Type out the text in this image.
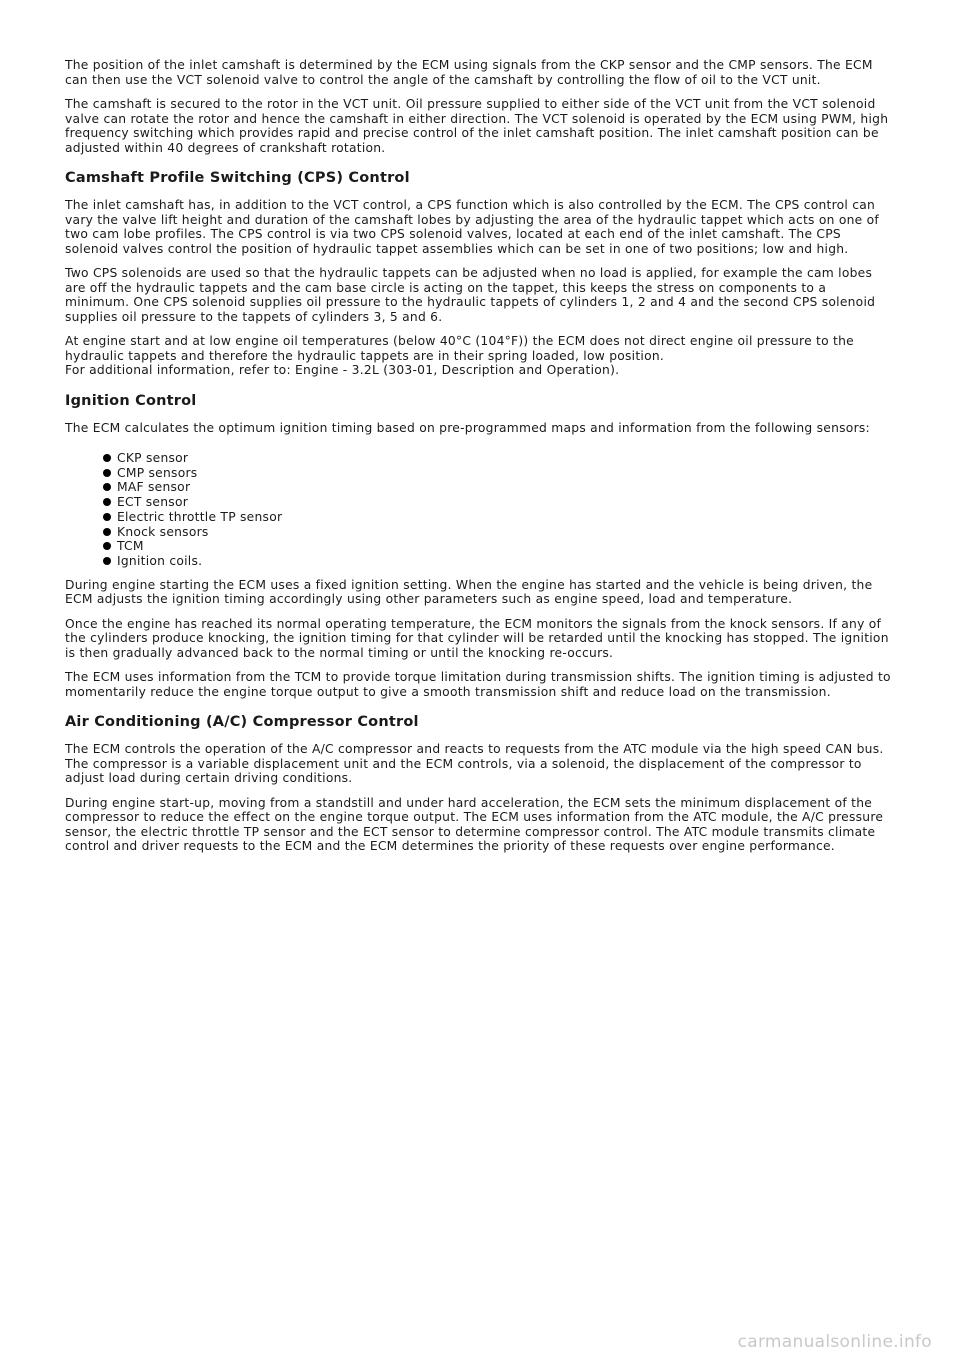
The position of the inlet camshaft is determined by the ECM using signals from the CKP sensor and the CMP sensors. The ECM can then use the VCT solenoid valve to control the angle of the camshaft by controlling the flow of oil to the VCT unit.

The camshaft is secured to the rotor in the VCT unit. Oil pressure supplied to either side of the VCT unit from the VCT solenoid valve can rotate the rotor and hence the camshaft in either direction. The VCT solenoid is operated by the ECM using PWM, high frequency switching which provides rapid and precise control of the inlet camshaft position. The inlet camshaft position can be adjusted within 40 degrees of crankshaft rotation.

Camshaft Profile Switching (CPS) Control

The inlet camshaft has, in addition to the VCT control, a CPS function which is also controlled by the ECM. The CPS control can vary the valve lift height and duration of the camshaft lobes by adjusting the area of the hydraulic tappet which acts on one of two cam lobe profiles. The CPS control is via two CPS solenoid valves, located at each end of the inlet camshaft. The CPS solenoid valves control the position of hydraulic tappet assemblies which can be set in one of two positions; low and high.

Two CPS solenoids are used so that the hydraulic tappets can be adjusted when no load is applied, for example the cam lobes are off the hydraulic tappets and the cam base circle is acting on the tappet, this keeps the stress on components to a minimum. One CPS solenoid supplies oil pressure to the hydraulic tappets of cylinders 1, 2 and 4 and the second CPS solenoid supplies oil pressure to the tappets of cylinders 3, 5 and 6.

At engine start and at low engine oil temperatures (below 40°C (104°F)) the ECM does not direct engine oil pressure to the hydraulic tappets and therefore the hydraulic tappets are in their spring loaded, low position.
For additional information, refer to: Engine - 3.2L (303-01, Description and Operation).

Ignition Control

The ECM calculates the optimum ignition timing based on pre-programmed maps and information from the following sensors:

CKP sensor
CMP sensors
MAF sensor
ECT sensor
Electric throttle TP sensor
Knock sensors
TCM
Ignition coils.

During engine starting the ECM uses a fixed ignition setting. When the engine has started and the vehicle is being driven, the ECM adjusts the ignition timing accordingly using other parameters such as engine speed, load and temperature.

Once the engine has reached its normal operating temperature, the ECM monitors the signals from the knock sensors. If any of the cylinders produce knocking, the ignition timing for that cylinder will be retarded until the knocking has stopped. The ignition is then gradually advanced back to the normal timing or until the knocking re-occurs.

The ECM uses information from the TCM to provide torque limitation during transmission shifts. The ignition timing is adjusted to momentarily reduce the engine torque output to give a smooth transmission shift and reduce load on the transmission.

Air Conditioning (A/C) Compressor Control

The ECM controls the operation of the A/C compressor and reacts to requests from the ATC module via the high speed CAN bus. The compressor is a variable displacement unit and the ECM controls, via a solenoid, the displacement of the compressor to adjust load during certain driving conditions.

During engine start-up, moving from a standstill and under hard acceleration, the ECM sets the minimum displacement of the compressor to reduce the effect on the engine torque output. The ECM uses information from the ATC module, the A/C pressure sensor, the electric throttle TP sensor and the ECT sensor to determine compressor control. The ATC module transmits climate control and driver requests to the ECM and the ECM determines the priority of these requests over engine performance.

carmanualsonline.info
